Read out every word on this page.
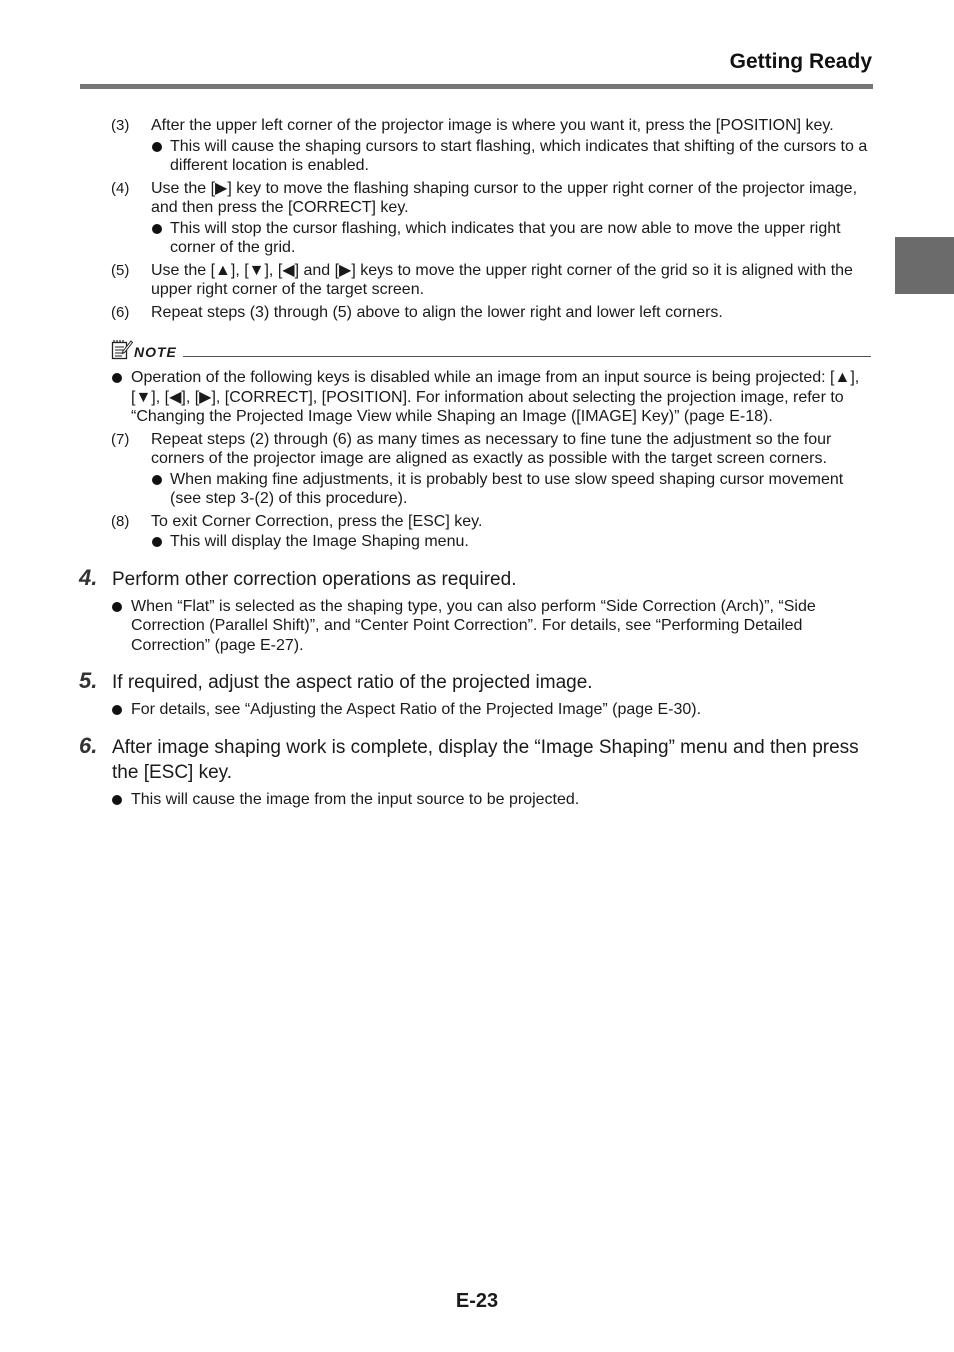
Getting Ready
(3)	After the upper left corner of the projector image is where you want it, press the [POSITION] key.
This will cause the shaping cursors to start flashing, which indicates that shifting of the cursors to a different location is enabled.
(4)	Use the [▶] key to move the flashing shaping cursor to the upper right corner of the projector image, and then press the [CORRECT] key.
This will stop the cursor flashing, which indicates that you are now able to move the upper right corner of the grid.
(5)	Use the [▲], [▼], [◀] and [▶] keys to move the upper right corner of the grid so it is aligned with the upper right corner of the target screen.
(6)	Repeat steps (3) through (5) above to align the lower right and lower left corners.
NOTE
Operation of the following keys is disabled while an image from an input source is being projected: [▲], [▼], [◀], [▶], [CORRECT], [POSITION]. For information about selecting the projection image, refer to “Changing the Projected Image View while Shaping an Image ([IMAGE] Key)” (page E-18).
(7)	Repeat steps (2) through (6) as many times as necessary to fine tune the adjustment so the four corners of the projector image are aligned as exactly as possible with the target screen corners.
When making fine adjustments, it is probably best to use slow speed shaping cursor movement (see step 3-(2) of this procedure).
(8)	To exit Corner Correction, press the [ESC] key.
This will display the Image Shaping menu.
4. Perform other correction operations as required.
When “Flat” is selected as the shaping type, you can also perform “Side Correction (Arch)”, “Side Correction (Parallel Shift)”, and “Center Point Correction”. For details, see “Performing Detailed Correction” (page E-27).
5. If required, adjust the aspect ratio of the projected image.
For details, see “Adjusting the Aspect Ratio of the Projected Image” (page E-30).
6. After image shaping work is complete, display the “Image Shaping” menu and then press the [ESC] key.
This will cause the image from the input source to be projected.
E-23
